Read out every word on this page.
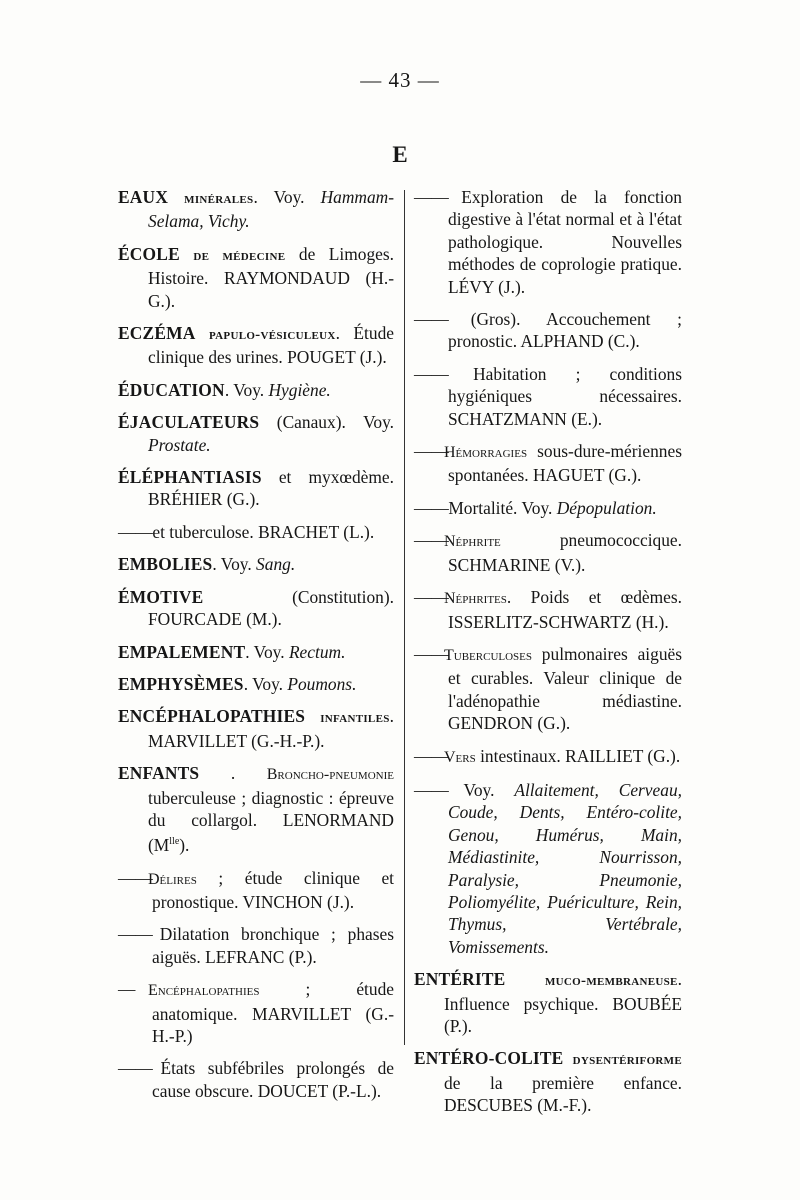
— 43 —
E

EAUX minérales. Voy. Hammam-Selama, Vichy.

ÉCOLE de médecine de Limoges. Histoire. RAYMONDAUD (H.-G.).

ECZÉMA papulo-vésiculeux. Étude clinique des urines. POUGET (J.).

ÉDUCATION. Voy. Hygiène.

ÉJACULATEURS (Canaux). Voy. Prostate.

ÉLÉPHANTIASIS et myxœdème. BRÉHIER (G.).

—— et tuberculose. BRACHET (L.).

EMBOLIES. Voy. Sang.

ÉMOTIVE (Constitution). FOURCADE (M.).

EMPALEMENT. Voy. Rectum.

EMPHYSÈMES. Voy. Poumons.

ENCÉPHALOPATHIES infantiles. MARVILLET (G.-H.-P.).

ENFANTS . Broncho-pneumonie tuberculeuse ; diagnostic : épreuve du collargol. LENORMAND $(M^{lle})$.

——Délires ; étude clinique et pronostique. VINCHON (J.).

—— Dilatation bronchique ; phases aiguës. LEFRANC (P.).

— Encéphalopathies ; étude anatomique. MARVILLET (G.-H.-P.)

—— États subfébriles prolongés de cause obscure. DOUCET (P.-L.).

—— Exploration de la fonction digestive à l'état normal et à l'état pathologique. Nouvelles méthodes de coprologie pratique. LÉVY (J.).

—— (Gros). Accouchement ; pronostic. ALPHAND (C.).

—— Habitation ; conditions hygiéniques nécessaires. SCHATZMANN (E.).

——Hémorragies sous-dure-mériennes spontanées. HAGUET (G.).

—— Mortalité. Voy. Dépopulation.

——Néphrite pneumococcique. SCHMARINE (V.).

——Néphrites. Poids et œdèmes. ISSERLITZ-SCHWARTZ (H.).

——Tuberculoses pulmonaires aiguës et curables. Valeur clinique de l'adénopathie médiastine. GENDRON (G.).

——Vers intestinaux. RAILLIET (G.).

—— Voy. Allaitement, Cerveau, Coude, Dents, Entéro-colite, Genou, Humérus, Main, Médiastinite, Nourrisson, Paralysie, Pneumonie, Poliomyélite, Puériculture, Rein, Thymus, Vertébrale, Vomissements.

ENTÉRITE	muco-membraneuse. Influence psychique. BOUBÉE (P.).

ENTÉRO-COLITE dysentériforme de la première enfance. DESCUBES (M.-F.).
